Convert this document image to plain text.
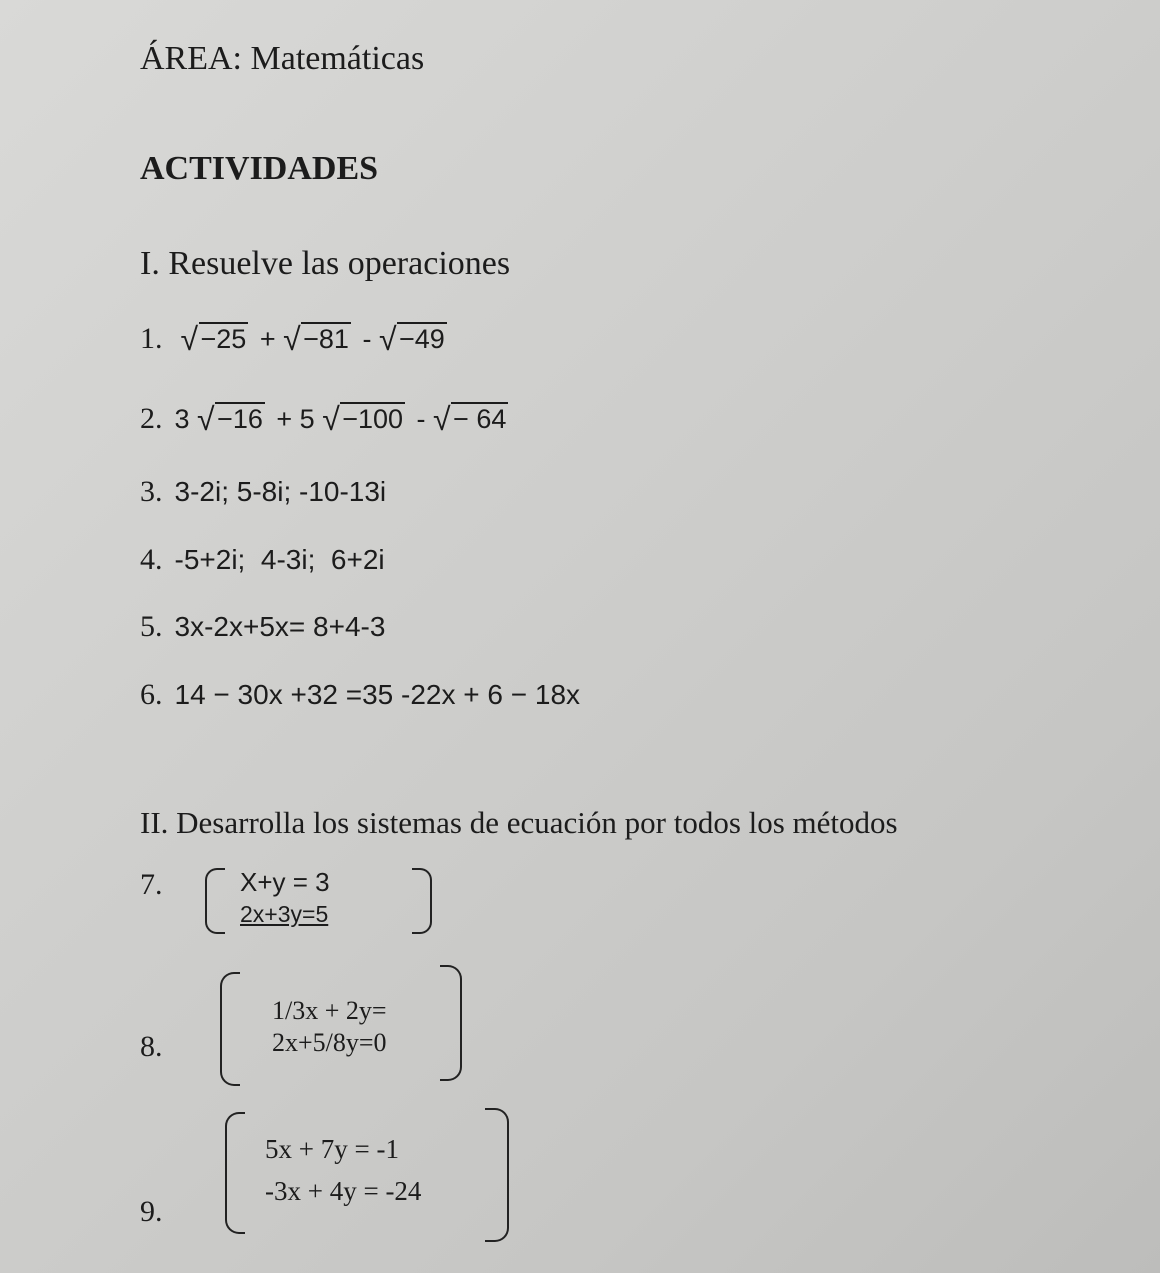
ÁREA: Matemáticas
ACTIVIDADES
I. Resuelve las operaciones
1. √ −25 + √ −81 - √ −49
2. 3 √ −16 + 5 √ −100 - √ − 64
3. 3-2i; 5-8i; -10-13i
4. -5+2i;  4-3i;  6+2i
5. 3x-2x+5x= 8+4-3
6. 14 − 30x +32 =35 -22x + 6 − 18x
II. Desarrolla los sistemas de ecuación por todos los métodos
7.	X+y = 3
2x+3y=5
8.
1/3x + 2y=
2x+5/8y=0
9.
5x + 7y = -1
-3x + 4y = -24
